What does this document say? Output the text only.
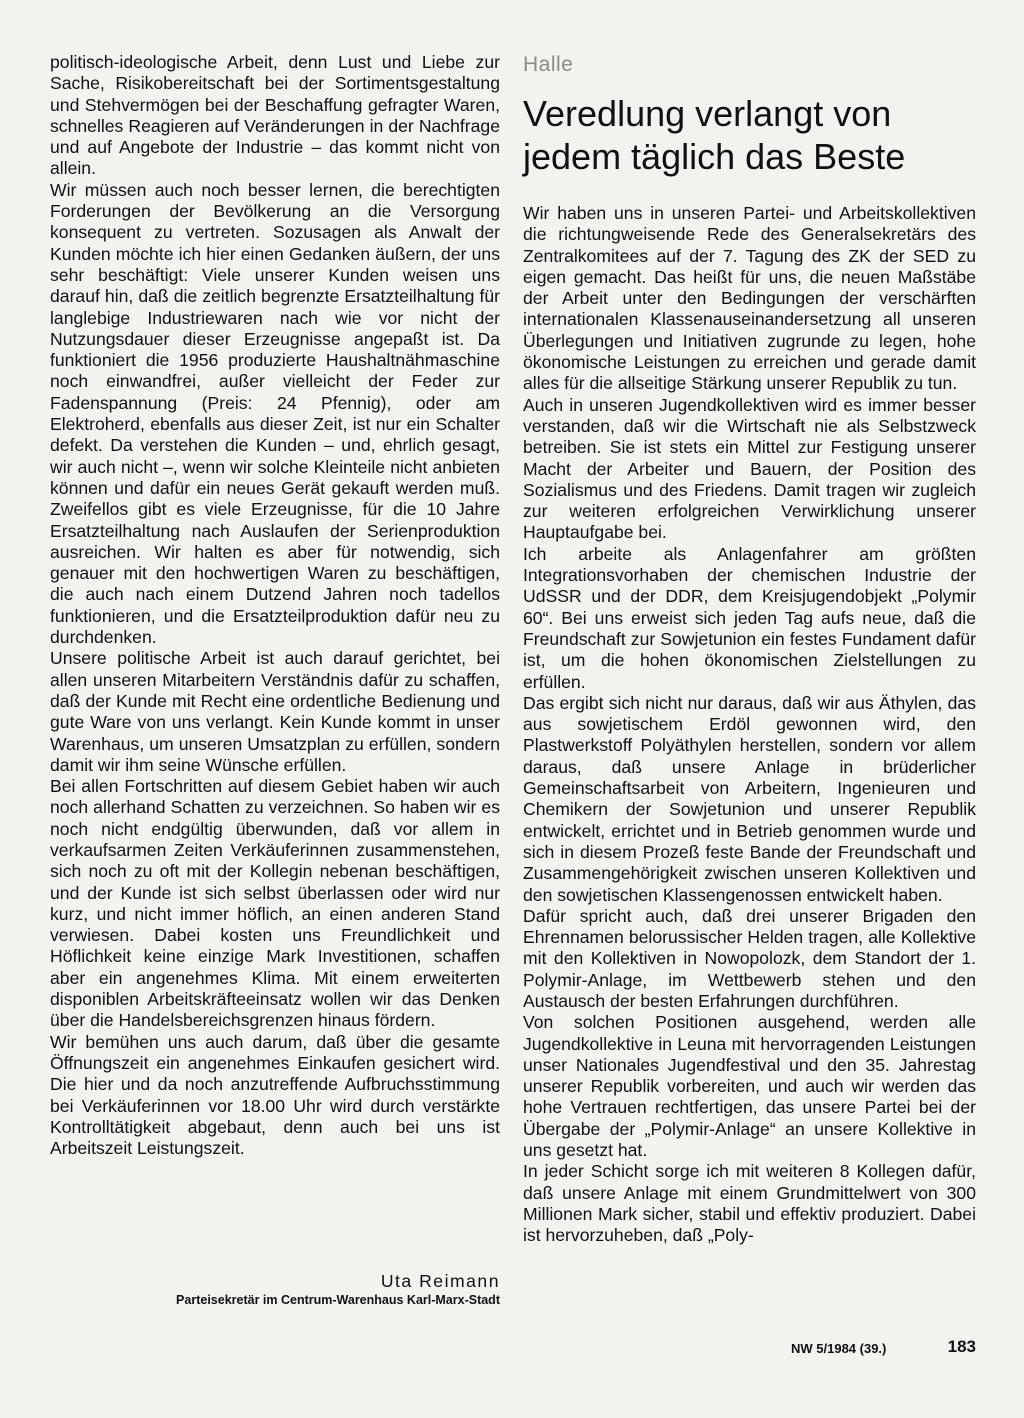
politisch-ideologische Arbeit, denn Lust und Liebe zur Sache, Risikobereitschaft bei der Sortimentsgestaltung und Stehvermögen bei der Beschaffung gefragter Waren, schnelles Reagieren auf Veränderungen in der Nachfrage und auf Angebote der Industrie – das kommt nicht von allein.

Wir müssen auch noch besser lernen, die berechtigten Forderungen der Bevölkerung an die Versorgung konsequent zu vertreten. Sozusagen als Anwalt der Kunden möchte ich hier einen Gedanken äußern, der uns sehr beschäftigt: Viele unserer Kunden weisen uns darauf hin, daß die zeitlich begrenzte Ersatzteilhaltung für langlebige Industriewaren nach wie vor nicht der Nutzungsdauer dieser Erzeugnisse angepaßt ist. Da funktioniert die 1956 produzierte Haushaltnähmaschine noch einwandfrei, außer vielleicht der Feder zur Fadenspannung (Preis: 24 Pfennig), oder am Elektroherd, ebenfalls aus dieser Zeit, ist nur ein Schalter defekt. Da verstehen die Kunden – und, ehrlich gesagt, wir auch nicht –, wenn wir solche Kleinteile nicht anbieten können und dafür ein neues Gerät gekauft werden muß. Zweifellos gibt es viele Erzeugnisse, für die 10 Jahre Ersatzteilhaltung nach Auslaufen der Serienproduktion ausreichen. Wir halten es aber für notwendig, sich genauer mit den hochwertigen Waren zu beschäftigen, die auch nach einem Dutzend Jahren noch tadellos funktionieren, und die Ersatzteilproduktion dafür neu zu durchdenken.

Unsere politische Arbeit ist auch darauf gerichtet, bei allen unseren Mitarbeitern Verständnis dafür zu schaffen, daß der Kunde mit Recht eine ordentliche Bedienung und gute Ware von uns verlangt. Kein Kunde kommt in unser Warenhaus, um unseren Umsatzplan zu erfüllen, sondern damit wir ihm seine Wünsche erfüllen.

Bei allen Fortschritten auf diesem Gebiet haben wir auch noch allerhand Schatten zu verzeichnen. So haben wir es noch nicht endgültig überwunden, daß vor allem in verkaufsarmen Zeiten Verkäuferinnen zusammenstehen, sich noch zu oft mit der Kollegin nebenan beschäftigen, und der Kunde ist sich selbst überlassen oder wird nur kurz, und nicht immer höflich, an einen anderen Stand verwiesen. Dabei kosten uns Freundlichkeit und Höflichkeit keine einzige Mark Investitionen, schaffen aber ein angenehmes Klima. Mit einem erweiterten disponiblen Arbeitskräfteeinsatz wollen wir das Denken über die Handelsbereichsgrenzen hinaus fördern.

Wir bemühen uns auch darum, daß über die gesamte Öffnungszeit ein angenehmes Einkaufen gesichert wird. Die hier und da noch anzutreffende Aufbruchsstimmung bei Verkäuferinnen vor 18.00 Uhr wird durch verstärkte Kontrolltätigkeit abgebaut, denn auch bei uns ist Arbeitszeit Leistungszeit.

Uta Reimann
Parteisekretär im Centrum-Warenhaus Karl-Marx-Stadt
Halle
Veredlung verlangt von jedem täglich das Beste

Wir haben uns in unseren Partei- und Arbeitskollektiven die richtungweisende Rede des Generalsekretärs des Zentralkomitees auf der 7. Tagung des ZK der SED zu eigen gemacht. Das heißt für uns, die neuen Maßstäbe der Arbeit unter den Bedingungen der verschärften internationalen Klassenauseinandersetzung all unseren Überlegungen und Initiativen zugrunde zu legen, hohe ökonomische Leistungen zu erreichen und gerade damit alles für die allseitige Stärkung unserer Republik zu tun.

Auch in unseren Jugendkollektiven wird es immer besser verstanden, daß wir die Wirtschaft nie als Selbstzweck betreiben. Sie ist stets ein Mittel zur Festigung unserer Macht der Arbeiter und Bauern, der Position des Sozialismus und des Friedens. Damit tragen wir zugleich zur weiteren erfolgreichen Verwirklichung unserer Hauptaufgabe bei.

Ich arbeite als Anlagenfahrer am größten Integrationsvorhaben der chemischen Industrie der UdSSR und der DDR, dem Kreisjugendobjekt „Polymir 60“. Bei uns erweist sich jeden Tag aufs neue, daß die Freundschaft zur Sowjetunion ein festes Fundament dafür ist, um die hohen ökonomischen Zielstellungen zu erfüllen.

Das ergibt sich nicht nur daraus, daß wir aus Äthylen, das aus sowjetischem Erdöl gewonnen wird, den Plastwerkstoff Polyäthylen herstellen, sondern vor allem daraus, daß unsere Anlage in brüderlicher Gemeinschaftsarbeit von Arbeitern, Ingenieuren und Chemikern der Sowjetunion und unserer Republik entwickelt, errichtet und in Betrieb genommen wurde und sich in diesem Prozeß feste Bande der Freundschaft und Zusammengehörigkeit zwischen unseren Kollektiven und den sowjetischen Klassengenossen entwickelt haben.

Dafür spricht auch, daß drei unserer Brigaden den Ehrennamen belorussischer Helden tragen, alle Kollektive mit den Kollektiven in Nowopolozk, dem Standort der 1. Polymir-Anlage, im Wettbewerb stehen und den Austausch der besten Erfahrungen durchführen.

Von solchen Positionen ausgehend, werden alle Jugendkollektive in Leuna mit hervorragenden Leistungen unser Nationales Jugendfestival und den 35. Jahrestag unserer Republik vorbereiten, und auch wir werden das hohe Vertrauen rechtfertigen, das unsere Partei bei der Übergabe der „Polymir-Anlage“ an unsere Kollektive in uns gesetzt hat.

In jeder Schicht sorge ich mit weiteren 8 Kollegen dafür, daß unsere Anlage mit einem Grundmittelwert von 300 Millionen Mark sicher, stabil und effektiv produziert. Dabei ist hervorzuheben, daß „Poly-

NW 5/1984 (39.)	183
